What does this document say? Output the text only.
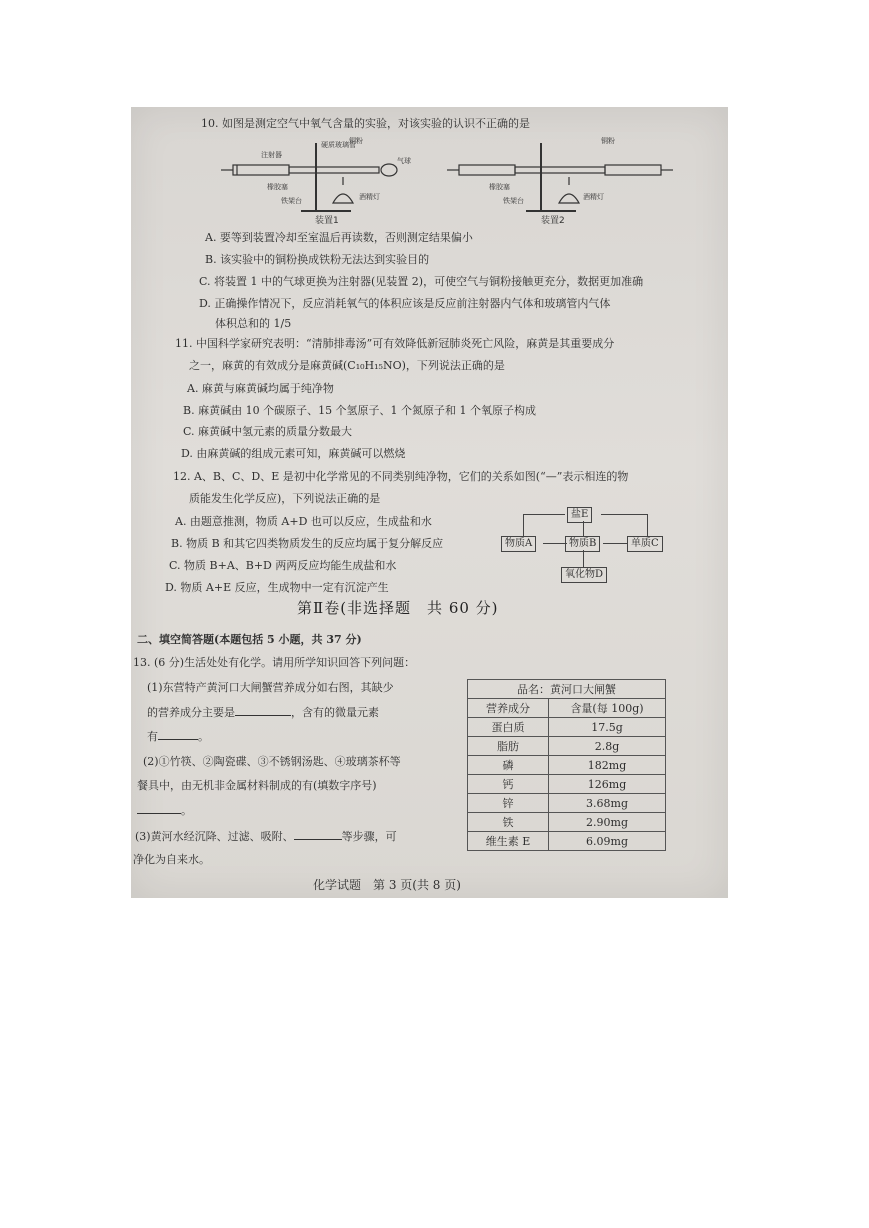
10. 如图是测定空气中氧气含量的实验，对该实验的认识不正确的是
注射器
硬质玻璃管
铜粉
气球
橡胶塞
铁架台	酒精灯
铜粉
橡胶塞
铁架台	酒精灯
装置1	装置2
A. 要等到装置冷却至室温后再读数，否则测定结果偏小
B. 该实验中的铜粉换成铁粉无法达到实验目的
C. 将装置 1 中的气球更换为注射器(见装置 2)，可使空气与铜粉接触更充分，数据更加准确
D. 正确操作情况下，反应消耗氧气的体积应该是反应前注射器内气体和玻璃管内气体
体积总和的 1/5
11. 中国科学家研究表明：“清肺排毒汤”可有效降低新冠肺炎死亡风险，麻黄是其重要成分
之一，麻黄的有效成分是麻黄碱(C₁₀H₁₅NO)，下列说法正确的是
A. 麻黄与麻黄碱均属于纯净物
B. 麻黄碱由 10 个碳原子、15 个氢原子、1 个氮原子和 1 个氧原子构成
C. 麻黄碱中氢元素的质量分数最大
D. 由麻黄碱的组成元素可知，麻黄碱可以燃烧
12. A、B、C、D、E 是初中化学常见的不同类别纯净物，它们的关系如图(“—”表示相连的物
质能发生化学反应)，下列说法正确的是
A. 由题意推测，物质 A+D 也可以反应，生成盐和水
B. 物质 B 和其它四类物质发生的反应均属于复分解反应
C. 物质 B+A、B+D 两两反应均能生成盐和水
D. 物质 A+E 反应，生成物中一定有沉淀产生
盐E
物质A	物质B	单质C
氧化物D
第Ⅱ卷(非选择题　共 60 分)
二、填空简答题(本题包括 5 小题，共 37 分)
13. (6 分)生活处处有化学。请用所学知识回答下列问题：
(1)东营特产黄河口大闸蟹营养成分如右图，其缺少
的营养成分主要是	，含有的微量元素
有	。
(2)①竹筷、②陶瓷碟、③不锈钢汤匙、④玻璃茶杯等
餐具中，由无机非金属材料制成的有(填数字序号)
。
(3)黄河水经沉降、过滤、吸附、	等步骤，可
净化为自来水。
品名：黄河口大闸蟹	
营养成分	含量(每 100g)
蛋白质	17.5g
脂肪	2.8g
磷	182mg
钙	126mg
锌	3.68mg
铁	2.90mg
维生素 E	6.09mg
化学试题　第 3 页(共 8 页)
